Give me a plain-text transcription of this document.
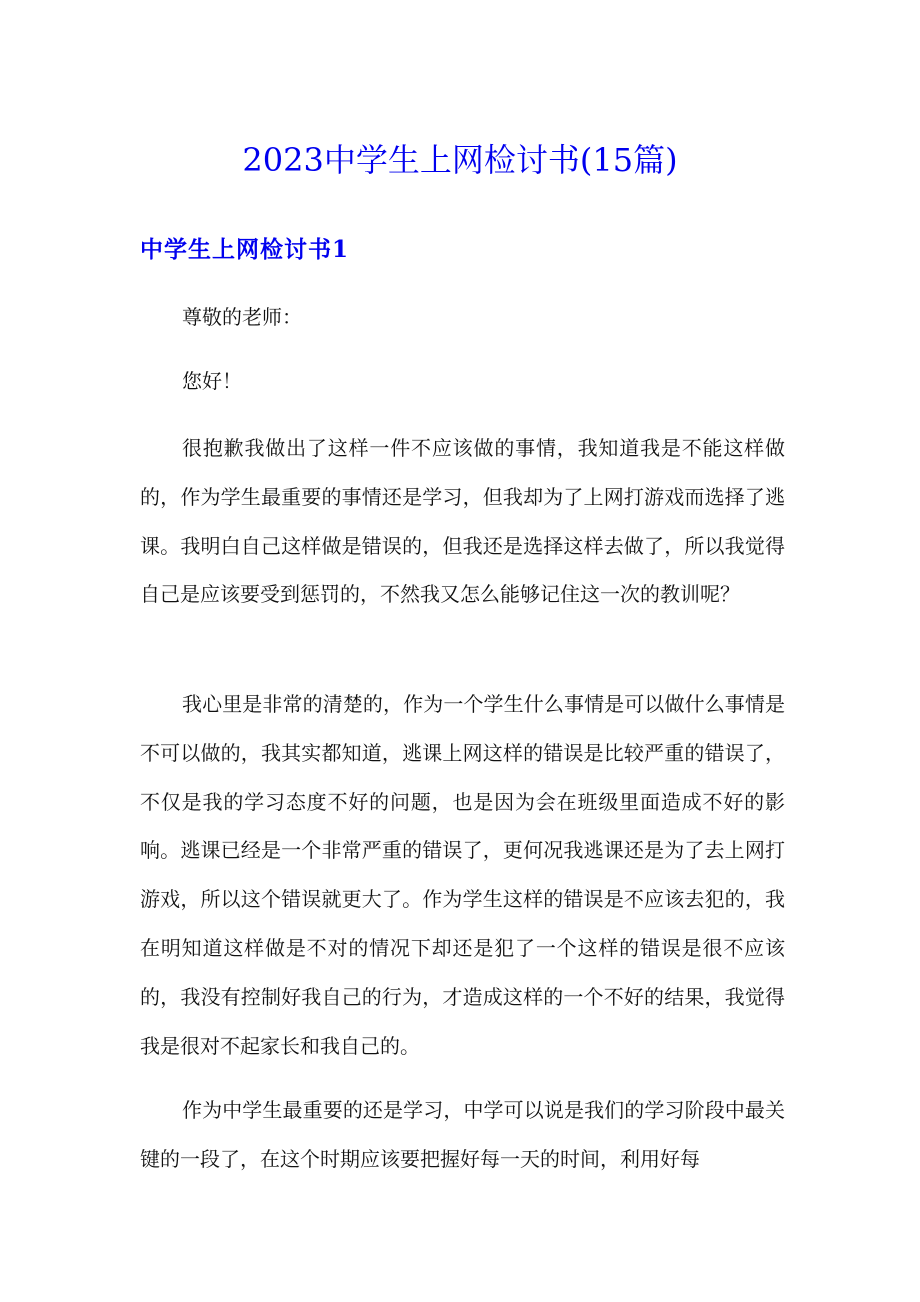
2023中学生上网检讨书(15篇)
中学生上网检讨书1

尊敬的老师：

您好！

很抱歉我做出了这样一件不应该做的事情，我知道我是不能这样做的，作为学生最重要的事情还是学习，但我却为了上网打游戏而选择了逃课。我明白自己这样做是错误的，但我还是选择这样去做了，所以我觉得自己是应该要受到惩罚的，不然我又怎么能够记住这一次的教训呢？

我心里是非常的清楚的，作为一个学生什么事情是可以做什么事情是不可以做的，我其实都知道，逃课上网这样的错误是比较严重的错误了，不仅是我的学习态度不好的问题，也是因为会在班级里面造成不好的影响。逃课已经是一个非常严重的错误了，更何况我逃课还是为了去上网打游戏，所以这个错误就更大了。作为学生这样的错误是不应该去犯的，我在明知道这样做是不对的情况下却还是犯了一个这样的错误是很不应该的，我没有控制好我自己的行为，才造成这样的一个不好的结果，我觉得我是很对不起家长和我自己的。

作为中学生最重要的还是学习，中学可以说是我们的学习阶段中最关键的一段了，在这个时期应该要把握好每一天的时间，利用好每
